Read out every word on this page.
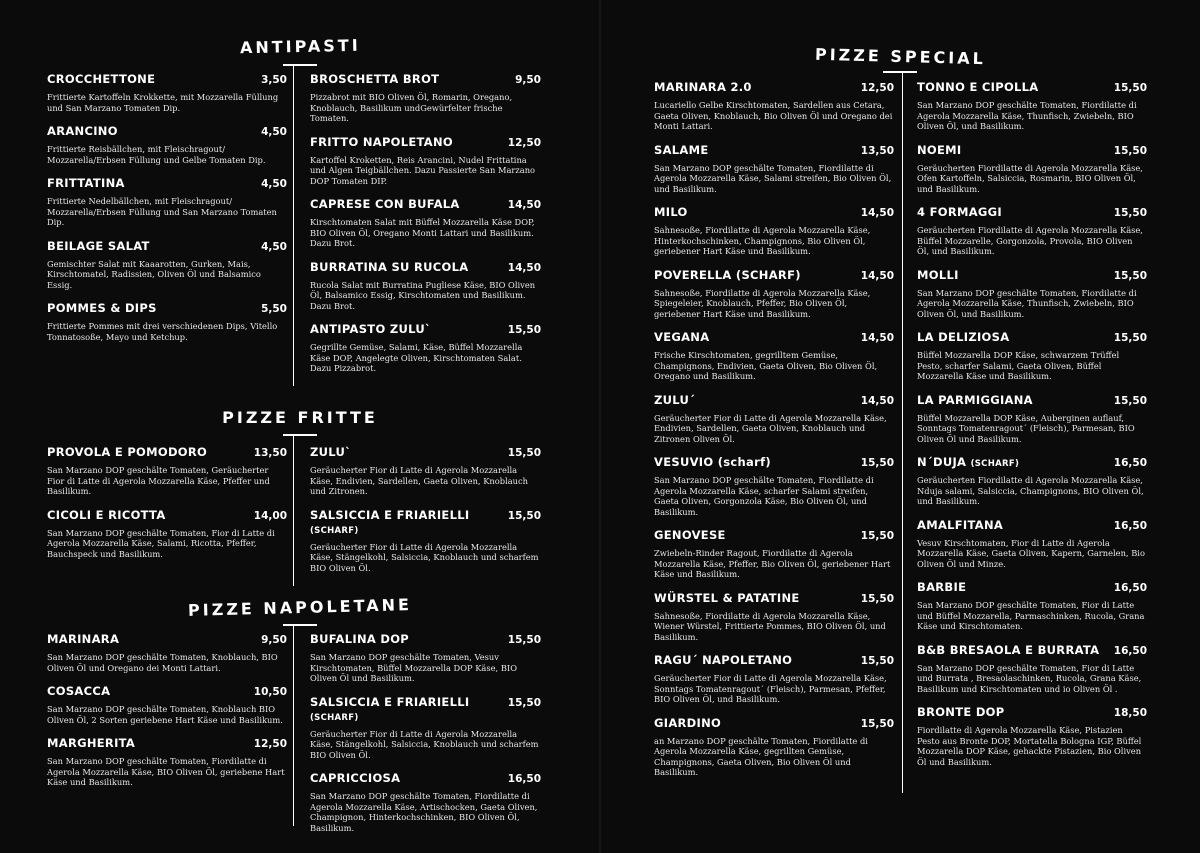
ANTIPASTI
CROCCHETTONE	3,50
Frittierte Kartoffeln Krokkette, mit Mozzarella Füllung und San Marzano Tomaten Dip.
ARANCINO	4,50
Frittierte Reisbällchen, mit Fleischragout/ Mozzarella/Erbsen Füllung und Gelbe Tomaten Dip.
FRITTATINA	4,50
Frittierte Nedelbällchen, mit Fleischragout/ Mozzarella/Erbsen Füllung und San Marzano Tomaten Dip.
BEILAGE SALAT	4,50
Gemischter Salat mit Kaaarotten, Gurken, Mais, Kirschtomatel, Radissien, Oliven Öl und Balsamico Essig.
POMMES & DIPS	5,50
Frittierte Pommes mit drei verschiedenen Dips, Vitello Tonnatosoße, Mayo und Ketchup.
BROSCHETTA BROT	9,50
Pizzabrot mit BIO Oliven Öl, Romarin, Oregano, Knoblauch, Basilikum undGewürfelter frische Tomaten.
FRITTO NAPOLETANO	12,50
Kartoffel Kroketten, Reis Arancini, Nudel Frittatina und Algen Teigbällchen. Dazu Passierte San Marzano DOP Tomaten DIP.
CAPRESE CON BUFALA	14,50
Kirschtomaten Salat mit Büffel Mozzarella Käse DOP, BIO Oliven Öl, Oregano Monti Lattari und Basilikum. Dazu Brot.
BURRATINA SU RUCOLA	14,50
Rucola Salat mit Burratina Pugliese Käse, BIO Oliven Öl, Balsamico Essig, Kirschtomaten und Basilikum. Dazu Brot.
ANTIPASTO ZULU`	15,50
Gegrillte Gemüse, Salami, Käse, Büffel Mozzarella Käse DOP, Angelegte Oliven, Kirschtomaten Salat. Dazu Pizzabrot.
PIZZE FRITTE
PROVOLA E POMODORO	13,50
San Marzano DOP geschälte Tomaten, Geräucherter Fior di Latte di Agerola Mozzarella Käse, Pfeffer und Basilikum.
CICOLI E RICOTTA	14,00
San Marzano DOP geschälte Tomaten, Fior di Latte di Agerola Mozzarella Käse, Salami, Ricotta, Pfeffer, Bauchspeck und Basilikum.
ZULU`	15,50
Geräucherter Fior di Latte di Agerola Mozzarella Käse, Endivien, Sardellen, Gaeta Oliven, Knoblauch und Zitronen.
SALSICCIA E FRIARIELLI (SCHARF)
15,50
Geräucherter Fior di Latte di Agerola Mozzarella Käse, Stängelkohl, Salsiccia, Knoblauch und scharfem BIO Oliven Öl.
PIZZE NAPOLETANE
MARINARA	9,50
San Marzano DOP geschälte Tomaten, Knoblauch, BIO Oliven Öl und Oregano dei Monti Lattari.
COSACCA	10,50
San Marzano DOP geschälte Tomaten, Knoblauch BIO Oliven Öl, 2 Sorten geriebene Hart Käse und Basilikum.
MARGHERITA	12,50
San Marzano DOP geschälte Tomaten, Fiordilatte di Agerola Mozzarella Käse, BIO Oliven Öl, geriebene Hart Käse und Basilikum.
BUFALINA DOP	15,50
San Marzano DOP geschälte Tomaten, Vesuv Kirschtomaten, Büffel Mozzarella DOP Käse, BIO Oliven Öl und Basilikum.
SALSICCIA E FRIARIELLI (SCHARF)
15,50
Geräucherter Fior di Latte di Agerola Mozzarella Käse, Stängelkohl, Salsiccia, Knoblauch und scharfem BIO Oliven Öl.
CAPRICCIOSA	16,50
San Marzano DOP geschälte Tomaten, Fiordilatte di Agerola Mozzarella Käse, Artischocken, Gaeta Oliven, Champignon, Hinterkochschinken, BIO Oliven Öl, Basilikum.
PIZZE SPECIAL
MARINARA 2.0	12,50
Lucariello Gelbe Kirschtomaten, Sardellen aus Cetara, Gaeta Oliven, Knoblauch, Bio Oliven Öl und Oregano dei Monti Lattari.
SALAME	13,50
San Marzano DOP geschälte Tomaten, Fiordilatte di Agerola Mozzarella Käse, Salami streifen, Bio Oliven Öl, und Basilikum.
MILO	14,50
Sahnesoße, Fiordilatte di Agerola Mozzarella Käse, Hinterkochschinken, Champignons, Bio Oliven Öl, geriebener Hart Käse und Basilikum.
POVERELLA (SCHARF)	14,50
Sahnesoße, Fiordilatte di Agerola Mozzarella Käse, Spiegeleier, Knoblauch, Pfeffer, Bio Oliven Öl, geriebener Hart Käse und Basilikum.
VEGANA	14,50
Frische Kirschtomaten, gegrilltem Gemüse, Champignons, Endivien, Gaeta Oliven, Bio Oliven Öl, Oregano und Basilikum.
ZULU´	14,50
Geräucherter Fior di Latte di Agerola Mozzarella Käse, Endivien, Sardellen, Gaeta Oliven, Knoblauch und Zitronen Oliven Öl.
VESUVIO (scharf)	15,50
San Marzano DOP geschälte Tomaten, Fiordilatte di Agerola Mozzarella Käse, scharfer Salami streifen, Gaeta Oliven, Gorgonzola Käse, Bio Oliven Öl, und Basilikum.
GENOVESE	15,50
Zwiebeln-Rinder Ragout, Fiordilatte di Agerola Mozzarella Käse, Pfeffer, Bio Oliven Öl, geriebener Hart Käse und Basilikum.
WÜRSTEL & PATATINE	15,50
Sahnesoße, Fiordilatte di Agerola Mozzarella Käse, Wiener Würstel, Frittierte Pommes, BIO Oliven Öl, und Basilikum.
RAGU´ NAPOLETANO	15,50
Geräucherter Fior di Latte di Agerola Mozzarella Käse, Sonntags Tomatenragout´ (Fleisch), Parmesan, Pfeffer, BIO Oliven Öl, und Basilikum.
GIARDINO	15,50
an Marzano DOP geschälte Tomaten, Fiordilatte di Agerola Mozzarella Käse, gegrillten Gemüse, Champignons, Gaeta Oliven, Bio Oliven Öl und Basilikum.
TONNO E CIPOLLA	15,50
San Marzano DOP geschälte Tomaten, Fiordilatte di Agerola Mozzarella Käse, Thunfisch, Zwiebeln, BIO Oliven Öl, und Basilikum.
NOEMI	15,50
Geräucherten Fiordilatte di Agerola Mozzarella Käse, Ofen Kartoffeln, Salsiccia, Rosmarin, BIO Oliven Öl, und Basilikum.
4 FORMAGGI	15,50
Geräucherten Fiordilatte di Agerola Mozzarella Käse, Büffel Mozzarelle, Gorgonzola, Provola, BIO Oliven Öl, und Basilikum.
MOLLI	15,50
San Marzano DOP geschälte Tomaten, Fiordilatte di Agerola Mozzarella Käse, Thunfisch, Zwiebeln, BIO Oliven Öl, und Basilikum.
LA DELIZIOSA	15,50
Büffel Mozzarella DOP Käse, schwarzem Trüffel Pesto, scharfer Salami, Gaeta Oliven, Büffel Mozzarella Käse und Basilikum.
LA PARMIGGIANA	15,50
Büffel Mozzarella DOP Käse, Auberginen auflauf, Sonntags Tomatenragout´ (Fleisch), Parmesan, BIO Oliven Öl und Basilikum.
N´DUJA (SCHARF)	16,50
Geräucherten Fiordilatte di Agerola Mozzarella Käse, Nduja salami, Salsiccia, Champignons, BIO Oliven Öl, und Basilikum.
AMALFITANA	16,50
Vesuv Kirschtomaten, Fior di Latte di Agerola Mozzarella Käse, Gaeta Oliven, Kapern, Garnelen, Bio Oliven Öl und Minze.
BARBIE	16,50
San Marzano DOP geschälte Tomaten, Fior di Latte und Büffel Mozzarella, Parmaschinken, Rucola, Grana Käse und Kirschtomaten.
B&B BRESAOLA E BURRATA 16,50
San Marzano DOP geschälte Tomaten, Fior di Latte und Burrata , Bresaolaschinken, Rucola, Grana Käse, Basilikum und Kirschtomaten und io Oliven Öl .
BRONTE DOP	18,50
Fiordilatte di Agerola Mozzarella Käse, Pistazien Pesto aus Bronte DOP, Mortatella Bologna IGP, Büffel Mozzarella DOP Käse, gehackte Pistazien, Bio Oliven Öl und Basilikum.
